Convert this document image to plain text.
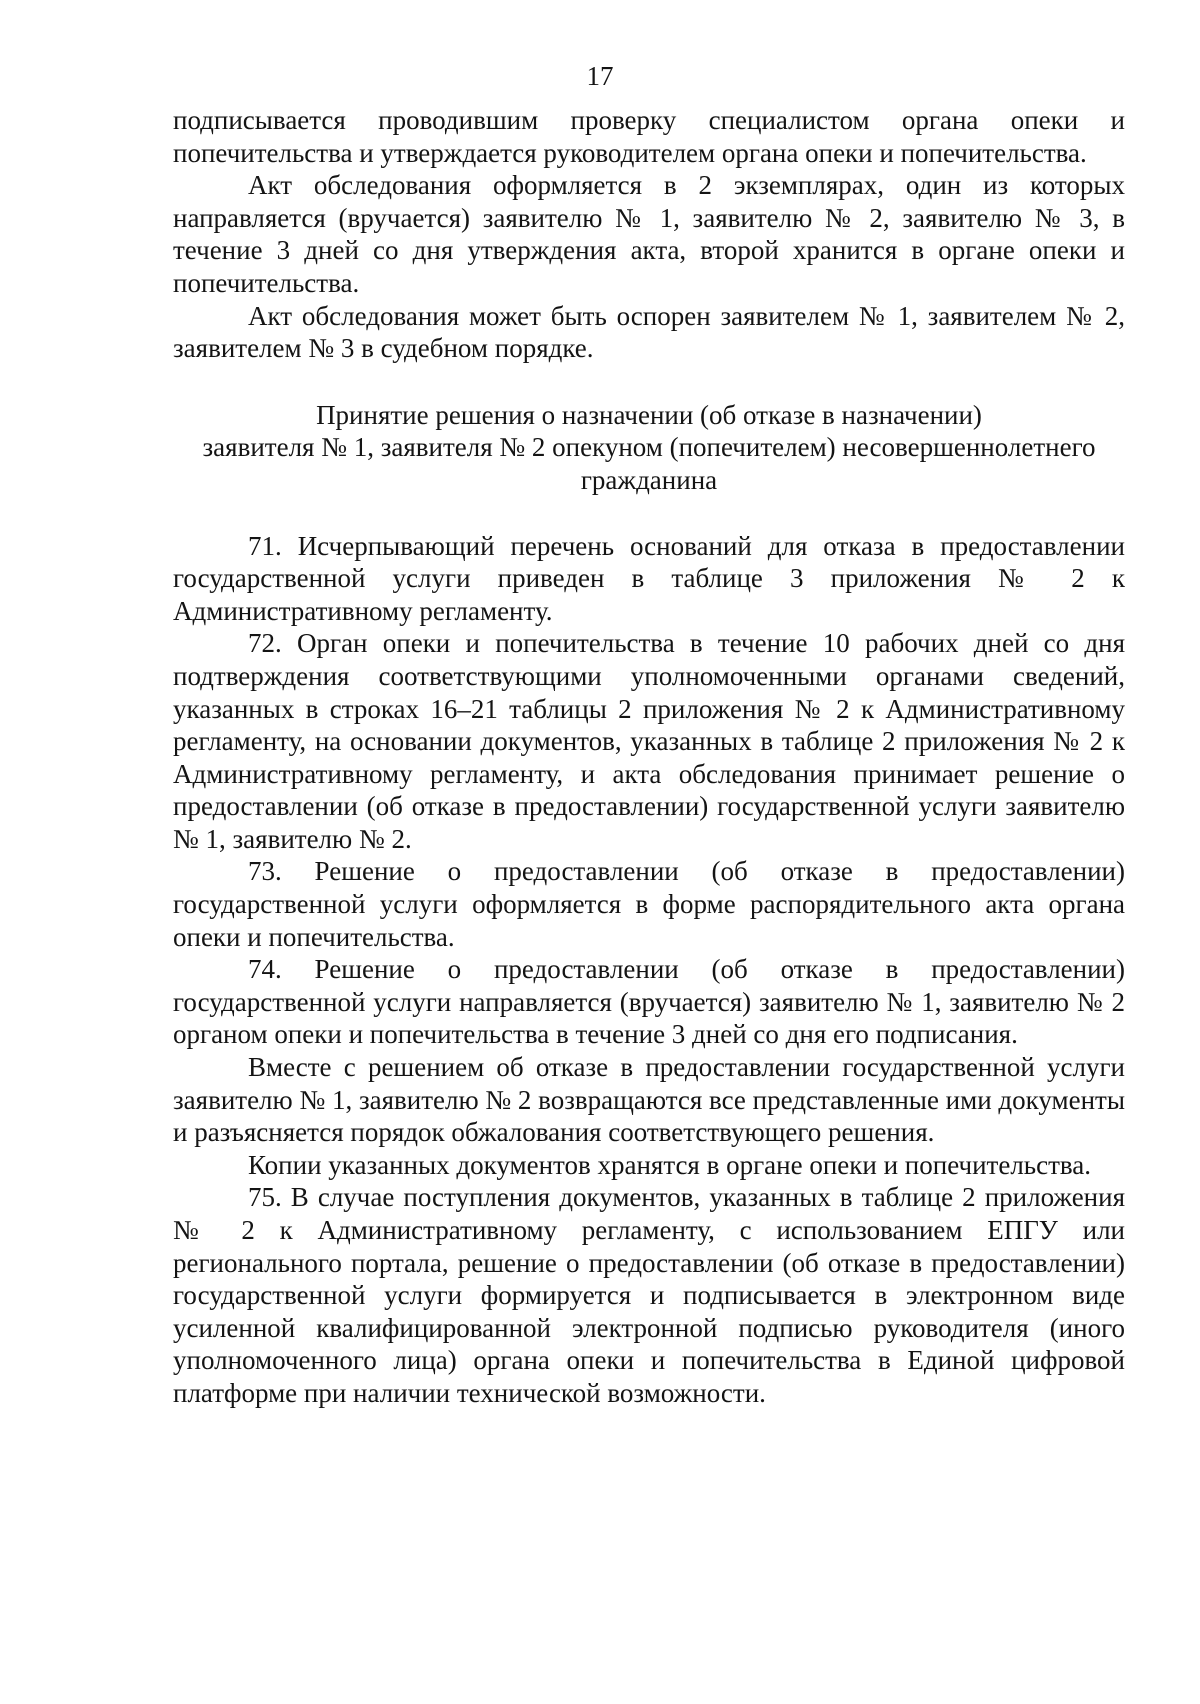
17

подписывается проводившим проверку специалистом органа опеки и попечительства и утверждается руководителем органа опеки и попечительства.

Акт обследования оформляется в 2 экземплярах, один из которых направляется (вручается) заявителю № 1, заявителю № 2, заявителю № 3, в течение 3 дней со дня утверждения акта, второй хранится в органе опеки и попечительства.

Акт обследования может быть оспорен заявителем № 1, заявителем № 2, заявителем № 3 в судебном порядке.

Принятие решения о назначении (об отказе в назначении)
заявителя № 1, заявителя № 2 опекуном (попечителем) несовершеннолетнего
гражданина

71. Исчерпывающий перечень оснований для отказа в предоставлении государственной услуги приведен в таблице 3 приложения № 2 к Административному регламенту.

72. Орган опеки и попечительства в течение 10 рабочих дней со дня подтверждения соответствующими уполномоченными органами сведений, указанных в строках 16–21 таблицы 2 приложения № 2 к Административному регламенту, на основании документов, указанных в таблице 2 приложения № 2 к Административному регламенту, и акта обследования принимает решение о предоставлении (об отказе в предоставлении) государственной услуги заявителю № 1, заявителю № 2.

73. Решение о предоставлении (об отказе в предоставлении) государственной услуги оформляется в форме распорядительного акта органа опеки и попечительства.

74. Решение о предоставлении (об отказе в предоставлении) государственной услуги направляется (вручается) заявителю № 1, заявителю № 2 органом опеки и попечительства в течение 3 дней со дня его подписания.

Вместе с решением об отказе в предоставлении государственной услуги заявителю № 1, заявителю № 2 возвращаются все представленные ими документы и разъясняется порядок обжалования соответствующего решения.

Копии указанных документов хранятся в органе опеки и попечительства.

75. В случае поступления документов, указанных в таблице 2 приложения № 2 к Административному регламенту, с использованием ЕПГУ или регионального портала, решение о предоставлении (об отказе в предоставлении) государственной услуги формируется и подписывается в электронном виде усиленной квалифицированной электронной подписью руководителя (иного уполномоченного лица) органа опеки и попечительства в Единой цифровой платформе при наличии технической возможности.
